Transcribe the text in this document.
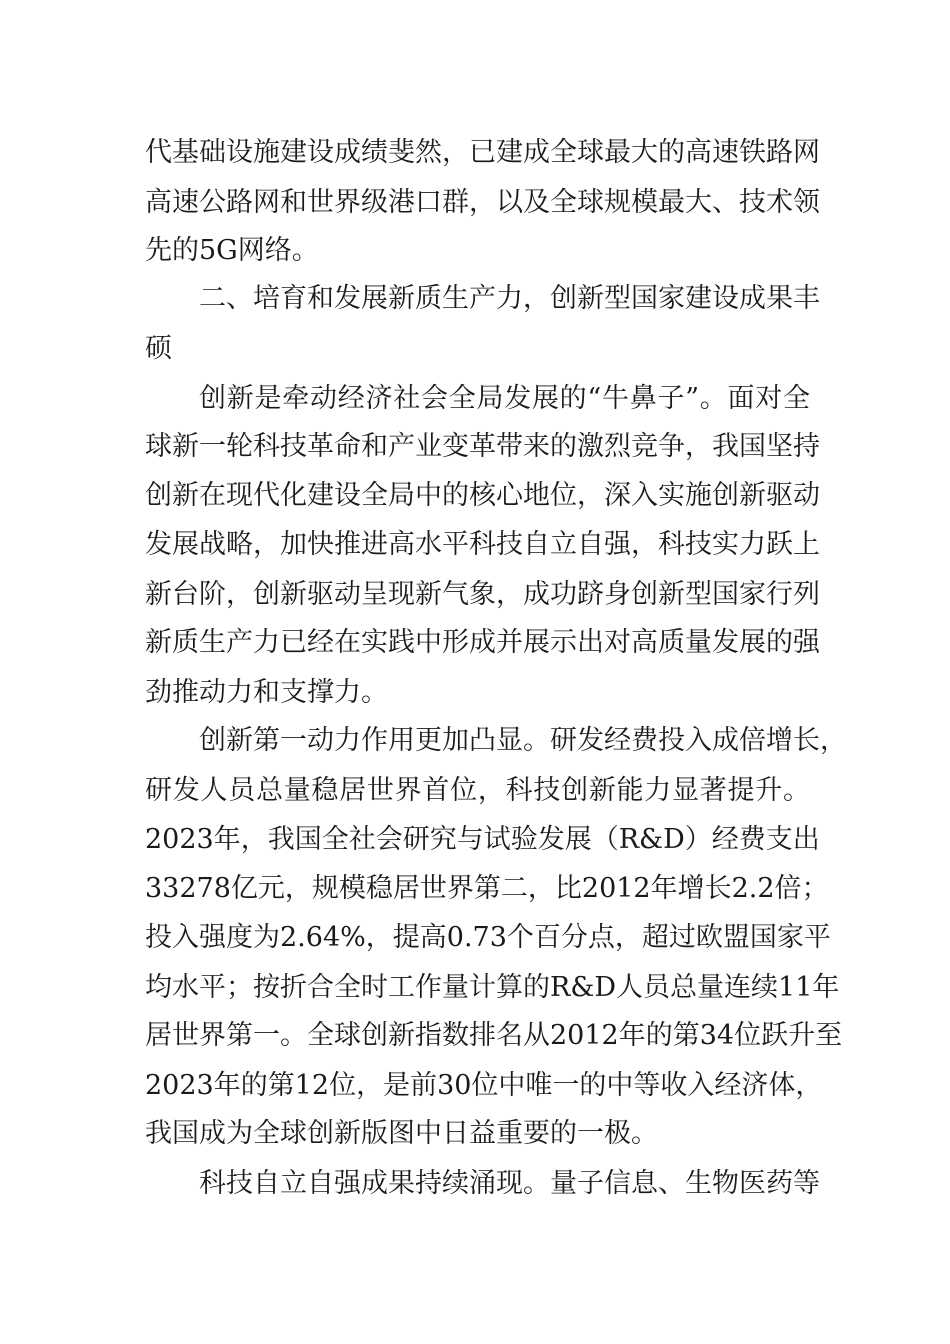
代基础设施建设成绩斐然，已建成全球最大的高速铁路网
高速公路网和世界级港口群，以及全球规模最大、技术领
先的5G网络。
二、培育和发展新质生产力，创新型国家建设成果丰
硕
创新是牵动经济社会全局发展的“牛鼻子”。面对全
球新一轮科技革命和产业变革带来的激烈竞争，我国坚持
创新在现代化建设全局中的核心地位，深入实施创新驱动
发展战略，加快推进高水平科技自立自强，科技实力跃上
新台阶，创新驱动呈现新气象，成功跻身创新型国家行列
新质生产力已经在实践中形成并展示出对高质量发展的强
劲推动力和支撑力。
创新第一动力作用更加凸显。研发经费投入成倍增长，
研发人员总量稳居世界首位，科技创新能力显著提升。
2023年，我国全社会研究与试验发展（R&D）经费支出
33278亿元，规模稳居世界第二，比2012年增长2.2倍；
投入强度为2.64%，提高0.73个百分点，超过欧盟国家平
均水平；按折合全时工作量计算的R&D人员总量连续11年
居世界第一。全球创新指数排名从2012年的第34位跃升至
2023年的第12位，是前30位中唯一的中等收入经济体，
我国成为全球创新版图中日益重要的一极。
科技自立自强成果持续涌现。量子信息、生物医药等
